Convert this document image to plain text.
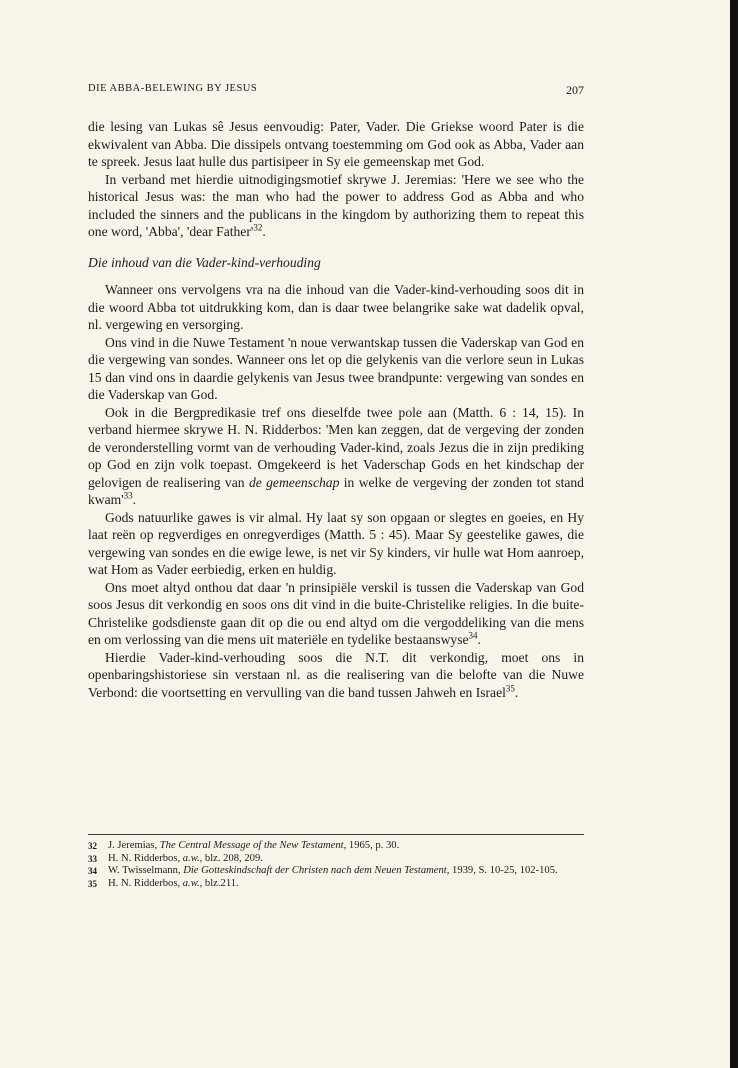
DIE ABBA-BELEWING BY JESUS	207

die lesing van Lukas sê Jesus eenvoudig: Pater, Vader. Die Griekse woord Pater is die ekwivalent van Abba. Die dissipels ontvang toestemming om God ook as Abba, Vader aan te spreek. Jesus laat hulle dus partisipeer in Sy eie gemeenskap met God.

In verband met hierdie uitnodigingsmotief skrywe J. Jeremias: 'Here we see who the historical Jesus was: the man who had the power to address God as Abba and who included the sinners and the publicans in the kingdom by authorizing them to repeat this one word, 'Abba', 'dear $Father'^{32}$.

Die inhoud van die Vader-kind-verhouding

Wanneer ons vervolgens vra na die inhoud van die Vader-kind-verhouding soos dit in die woord Abba tot uitdrukking kom, dan is daar twee belangrike sake wat dadelik opval, nl. vergewing en versorging.

Ons vind in die Nuwe Testament 'n noue verwantskap tussen die Vaderskap van God en die vergewing van sondes. Wanneer ons let op die gelykenis van die verlore seun in Lukas 15 dan vind ons in daardie gelykenis van Jesus twee brandpunte: vergewing van sondes en die Vaderskap van God.

Ook in die Bergpredikasie tref ons dieselfde twee pole aan (Matth. 6 : 14, 15). In verband hiermee skrywe H. N. Ridderbos: 'Men kan zeggen, dat de vergeving der zonden de veronderstelling vormt van de verhouding Vader-kind, zoals Jezus die in zijn prediking op God en zijn volk toepast. Omgekeerd is het Vaderschap Gods en het kindschap der gelovigen de realisering van de gemeenschap in welke de vergeving der zonden tot stand $kwam'^{33}$.

Gods natuurlike gawes is vir almal. Hy laat sy son opgaan or slegtes en goeies, en Hy laat reën op regverdiges en onregverdiges (Matth. 5 : 45). Maar Sy geestelike gawes, die vergewing van sondes en die ewige lewe, is net vir Sy kinders, vir hulle wat Hom aanroep, wat Hom as Vader eerbiedig, erken en huldig.

Ons moet altyd onthou dat daar 'n prinsipiële verskil is tussen die Vaderskap van God soos Jesus dit verkondig en soos ons dit vind in die buite-Christelike religies. In die buite-Christelike godsdienste gaan dit op die ou end altyd om die vergoddeliking van die mens en om verlossing van die mens uit materiële en tydelike bestaanswyse$^{34}$.

Hierdie Vader-kind-verhouding soos die N.T. dit verkondig, moet ons in openbaringshistoriese sin verstaan nl. as die realisering van die belofte van die Nuwe Verbond: die voortsetting en vervulling van die band tussen Jahweh en Israel$^{35}$.

32 J. Jeremias, The Central Message of the New Testament, 1965, p. 30.
33 H. N. Ridderbos, a.w., blz. 208, 209.
34 W. Twisselmann, Die Gotteskindschaft der Christen nach dem Neuen Testament, 1939, S. 10-25, 102-105.
35 H. N. Ridderbos, a.w., blz.211.
